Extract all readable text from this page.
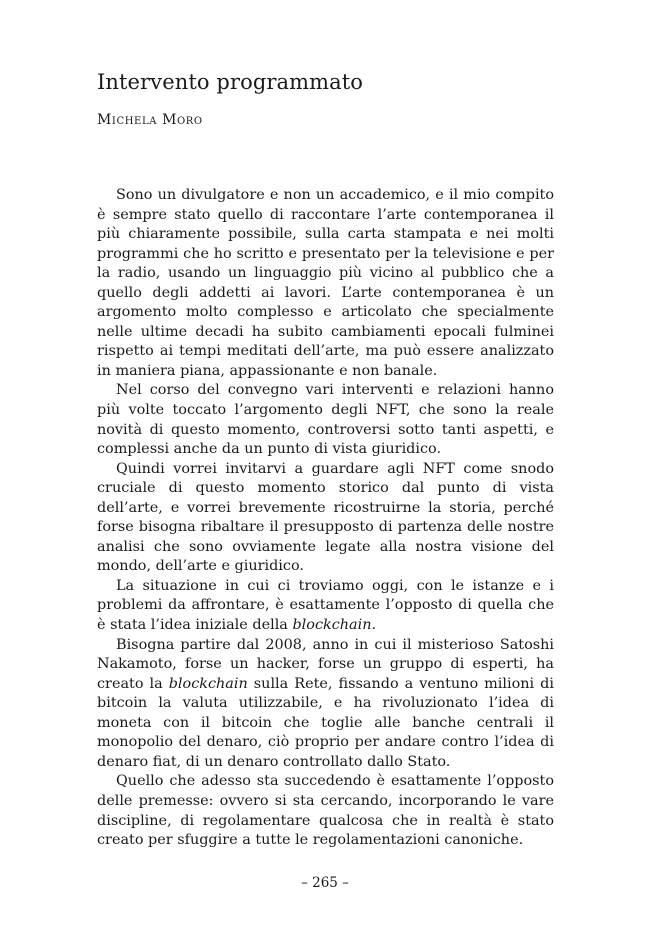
Intervento programmato
Michela Moro

Sono un divulgatore e non un accademico, e il mio compito è sempre stato quello di raccontare l’arte contemporanea il più chiaramente possibile, sulla carta stampata e nei molti programmi che ho scritto e presentato per la televisione e per la radio, usando un linguaggio più vicino al pubblico che a quello degli addetti ai lavori. L’arte contemporanea è un argomento molto complesso e articolato che specialmente nelle ultime decadi ha subito cambiamenti epocali fulminei rispetto ai tempi meditati dell’arte, ma può essere analizzato in maniera piana, appassionante e non banale.

Nel corso del convegno vari interventi e relazioni hanno più volte toccato l’argomento degli NFT, che sono la reale novità di questo momento, controversi sotto tanti aspetti, e complessi anche da un punto di vista giuridico.

Quindi vorrei invitarvi a guardare agli NFT come snodo cruciale di questo momento storico dal punto di vista dell’arte, e vorrei brevemente ricostruirne la storia, perché forse bisogna ribaltare il presupposto di partenza delle nostre analisi che sono ovviamente legate alla nostra visione del mondo, dell’arte e giuridico.

La situazione in cui ci troviamo oggi, con le istanze e i problemi da affrontare, è esattamente l’opposto di quella che è stata l’idea iniziale della blockchain.

Bisogna partire dal 2008, anno in cui il misterioso Satoshi Nakamoto, forse un hacker, forse un gruppo di esperti, ha creato la blockchain sulla Rete, fissando a ventuno milioni di bitcoin la valuta utilizzabile, e ha rivoluzionato l’idea di moneta con il bitcoin che toglie alle banche centrali il monopolio del denaro, ciò proprio per andare contro l’idea di denaro fiat, di un denaro controllato dallo Stato.

Quello che adesso sta succedendo è esattamente l’opposto delle premesse: ovvero si sta cercando, incorporando le vare discipline, di regolamentare qualcosa che in realtà è stato creato per sfuggire a tutte le regolamentazioni canoniche.

– 265 –
